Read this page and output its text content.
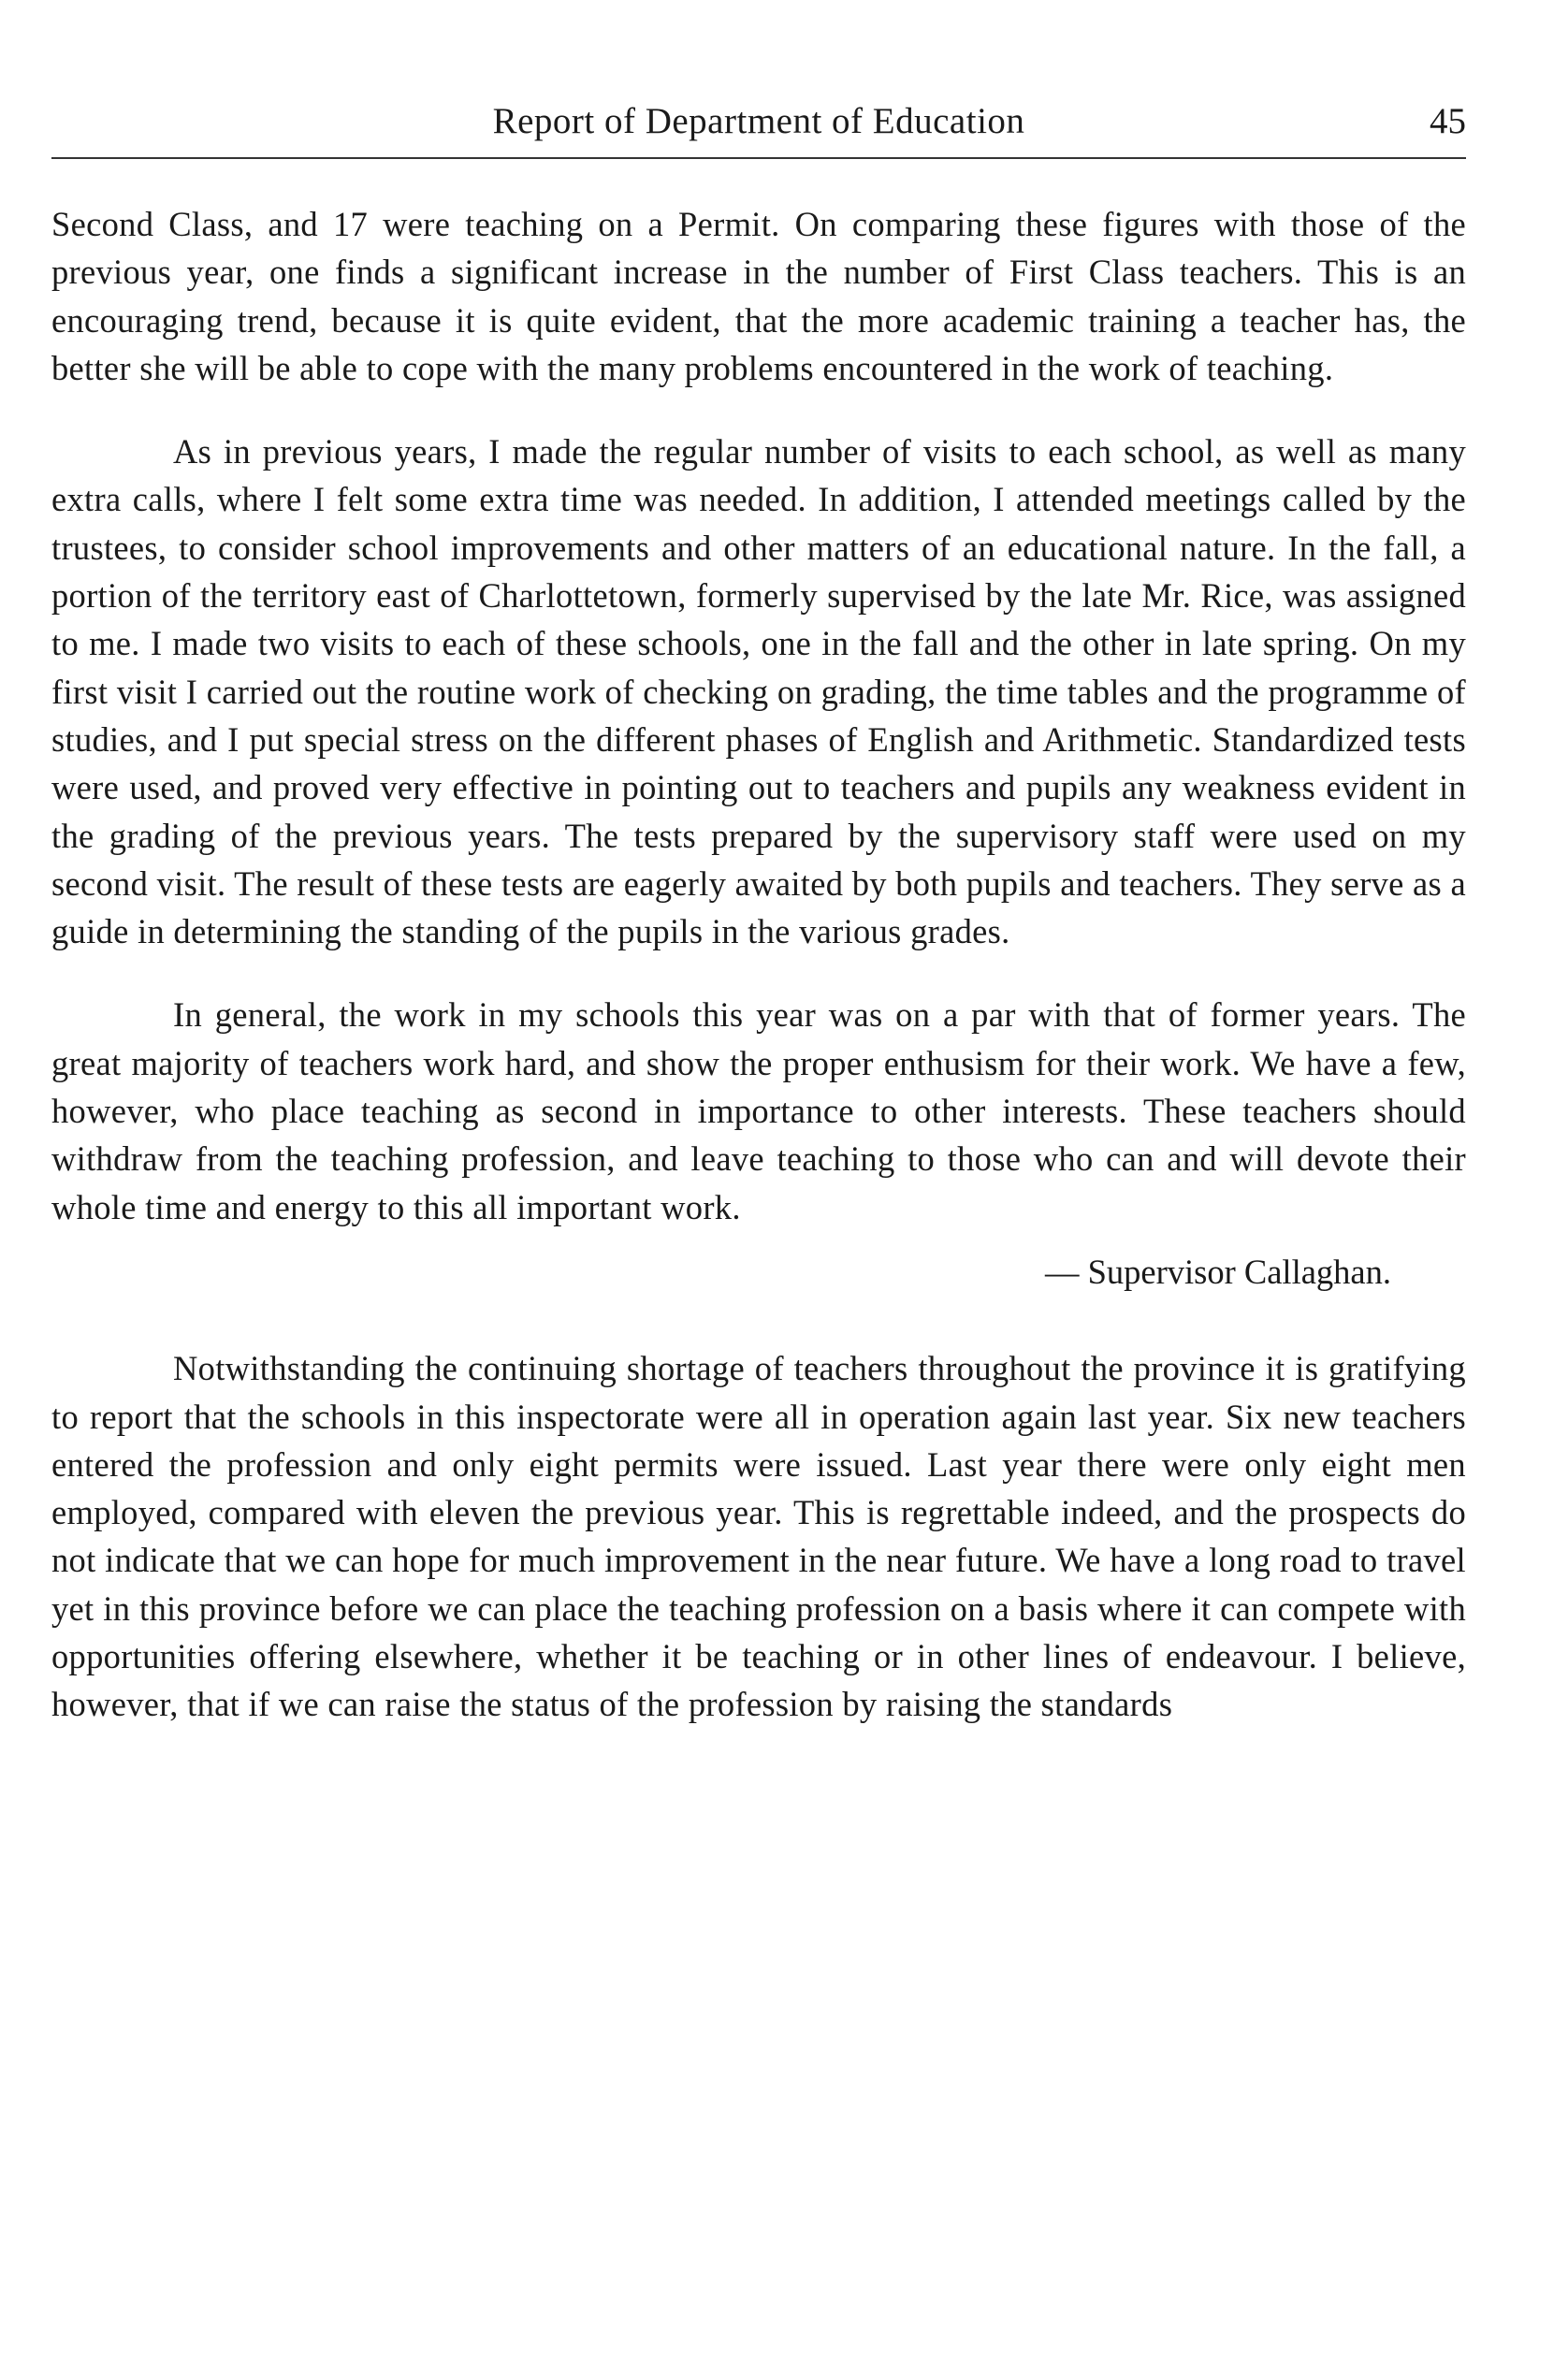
Report of Department of Education	45

Second Class, and 17 were teaching on a Permit. On comparing these figures with those of the previous year, one finds a significant increase in the number of First Class teachers. This is an encouraging trend, because it is quite evident, that the more academic training a teacher has, the better she will be able to cope with the many problems encountered in the work of teaching.

As in previous years, I made the regular number of visits to each school, as well as many extra calls, where I felt some extra time was needed. In addition, I attended meetings called by the trustees, to consider school improvements and other matters of an educational nature. In the fall, a portion of the territory east of Charlottetown, formerly supervised by the late Mr. Rice, was assigned to me. I made two visits to each of these schools, one in the fall and the other in late spring. On my first visit I carried out the routine work of checking on grading, the time tables and the programme of studies, and I put special stress on the different phases of English and Arithmetic. Standardized tests were used, and proved very effective in pointing out to teachers and pupils any weakness evident in the grading of the previous years. The tests prepared by the supervisory staff were used on my second visit. The result of these tests are eagerly awaited by both pupils and teachers. They serve as a guide in determining the standing of the pupils in the various grades.

In general, the work in my schools this year was on a par with that of former years. The great majority of teachers work hard, and show the proper enthusism for their work. We have a few, however, who place teaching as second in importance to other interests. These teachers should withdraw from the teaching profession, and leave teaching to those who can and will devote their whole time and energy to this all important work.

— Supervisor Callaghan.

Notwithstanding the continuing shortage of teachers throughout the province it is gratifying to report that the schools in this inspectorate were all in operation again last year. Six new teachers entered the profession and only eight permits were issued. Last year there were only eight men employed, compared with eleven the previous year. This is regrettable indeed, and the prospects do not indicate that we can hope for much improvement in the near future. We have a long road to travel yet in this province before we can place the teaching profession on a basis where it can compete with opportunities offering elsewhere, whether it be teaching or in other lines of endeavour. I believe, however, that if we can raise the status of the profession by raising the standards
